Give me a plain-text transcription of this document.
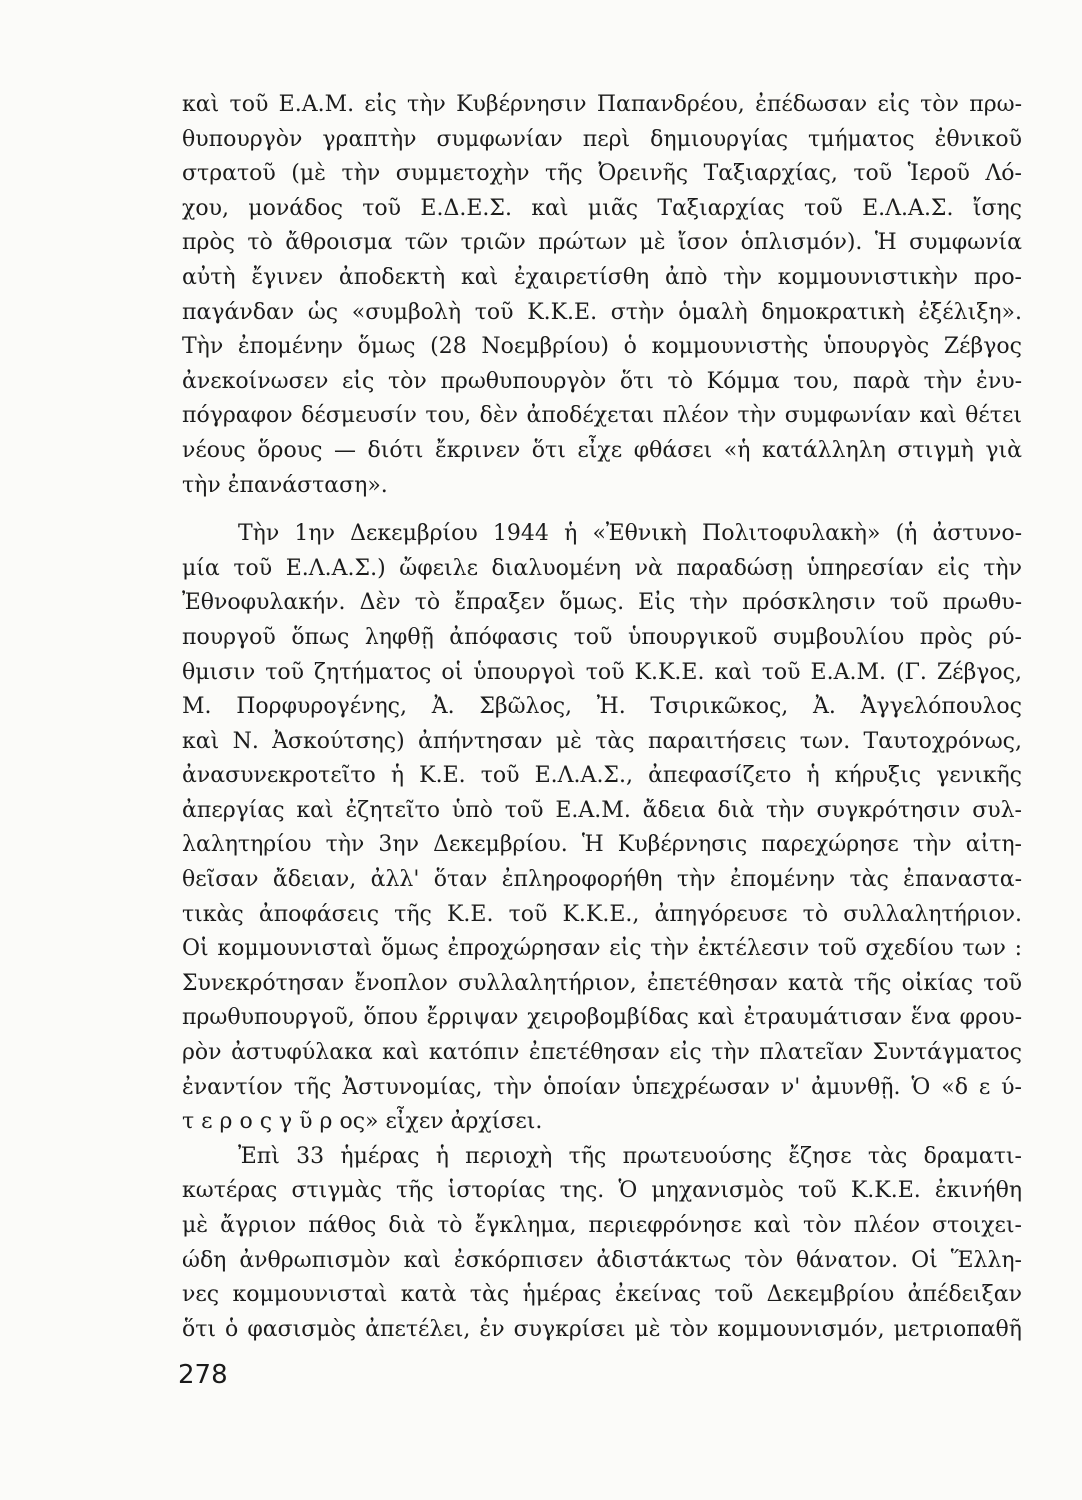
καὶ τοῦ Ε.Α.Μ. εἰς τὴν Κυβέρνησιν Παπανδρέου, ἐπέδωσαν εἰς τὸν πρω-
θυπουργὸν γραπτὴν συμφωνίαν περὶ δημιουργίας τμήματος ἐθνικοῦ
στρατοῦ (μὲ τὴν συμμετοχὴν τῆς Ὀρεινῆς Ταξιαρχίας, τοῦ Ἱεροῦ Λό-
χου, μονάδος τοῦ Ε.Δ.Ε.Σ. καὶ μιᾶς Ταξιαρχίας τοῦ Ε.Λ.Α.Σ. ἴσης
πρὸς τὸ ἄθροισμα τῶν τριῶν πρώτων μὲ ἴσον ὁπλισμόν). Ἡ συμφωνία
αὐτὴ ἔγινεν ἀποδεκτὴ καὶ ἐχαιρετίσθη ἀπὸ τὴν κομμουνιστικὴν προ-
παγάνδαν ὡς «συμβολὴ τοῦ Κ.Κ.Ε. στὴν ὁμαλὴ δημοκρατικὴ ἐξέλιξη».
Τὴν ἐπομένην ὅμως (28 Νοεμβρίου) ὁ κομμουνιστὴς ὑπουργὸς Ζέβγος
ἀνεκοίνωσεν εἰς τὸν πρωθυπουργὸν ὅτι τὸ Κόμμα του, παρὰ τὴν ἐνυ-
πόγραφον δέσμευσίν του, δὲν ἀποδέχεται πλέον τὴν συμφωνίαν καὶ θέτει
νέους ὅρους — διότι ἔκρινεν ὅτι εἶχε φθάσει «ἡ κατάλληλη στιγμὴ γιὰ
τὴν ἐπανάσταση».
Τὴν 1ην Δεκεμβρίου 1944 ἡ «Ἐθνικὴ Πολιτοφυλακὴ» (ἡ ἀστυνο-
μία τοῦ Ε.Λ.Α.Σ.) ὤφειλε διαλυομένη νὰ παραδώσῃ ὑπηρεσίαν εἰς τὴν
Ἐθνοφυλακήν. Δὲν τὸ ἔπραξεν ὅμως. Εἰς τὴν πρόσκλησιν τοῦ πρωθυ-
πουργοῦ ὅπως ληφθῇ ἀπόφασις τοῦ ὑπουργικοῦ συμβουλίου πρὸς ρύ-
θμισιν τοῦ ζητήματος οἱ ὑπουργοὶ τοῦ Κ.Κ.Ε. καὶ τοῦ Ε.Α.Μ. (Γ. Ζέβγος,
Μ. Πορφυρογένης, Ἀ. Σβῶλος, Ἠ. Τσιρικῶκος, Ἀ. Ἀγγελόπουλος
καὶ Ν. Ἀσκούτσης) ἀπήντησαν μὲ τὰς παραιτήσεις των. Ταυτοχρόνως,
ἀνασυνεκροτεῖτο ἡ Κ.Ε. τοῦ Ε.Λ.Α.Σ., ἀπεφασίζετο ἡ κήρυξις γενικῆς
ἀπεργίας καὶ ἐζητεῖτο ὑπὸ τοῦ Ε.Α.Μ. ἄδεια διὰ τὴν συγκρότησιν συλ-
λαλητηρίου τὴν 3ην Δεκεμβρίου. Ἡ Κυβέρνησις παρεχώρησε τὴν αἰτη-
θεῖσαν ἄδειαν, ἀλλ' ὅταν ἐπληροφορήθη τὴν ἐπομένην τὰς ἐπαναστα-
τικὰς ἀποφάσεις τῆς Κ.Ε. τοῦ Κ.Κ.Ε., ἀπηγόρευσε τὸ συλλαλητήριον.
Οἱ κομμουνισταὶ ὅμως ἐπροχώρησαν εἰς τὴν ἐκτέλεσιν τοῦ σχεδίου των :
Συνεκρότησαν ἔνοπλον συλλαλητήριον, ἐπετέθησαν κατὰ τῆς οἰκίας τοῦ
πρωθυπουργοῦ, ὅπου ἔρριψαν χειροβομβίδας καὶ ἐτραυμάτισαν ἕνα φρου-
ρὸν ἀστυφύλακα καὶ κατόπιν ἐπετέθησαν εἰς τὴν πλατεῖαν Συντάγματος
ἐναντίον τῆς Ἀστυνομίας, τὴν ὁποίαν ὑπεχρέωσαν ν' ἀμυνθῇ. Ὁ «δ ε ύ-
τ ε ρ ο ς γ ῦ ρ ος» εἶχεν ἀρχίσει.
Ἐπὶ 33 ἡμέρας ἡ περιοχὴ τῆς πρωτευούσης ἔζησε τὰς δραματι-
κωτέρας στιγμὰς τῆς ἱστορίας της. Ὁ μηχανισμὸς τοῦ Κ.Κ.Ε. ἐκινήθη
μὲ ἄγριον πάθος διὰ τὸ ἔγκλημα, περιεφρόνησε καὶ τὸν πλέον στοιχει-
ώδη ἀνθρωπισμὸν καὶ ἐσκόρπισεν ἀδιστάκτως τὸν θάνατον. Οἱ Ἕλλη-
νες κομμουνισταὶ κατὰ τὰς ἡμέρας ἐκείνας τοῦ Δεκεμβρίου ἀπέδειξαν
ὅτι ὁ φασισμὸς ἀπετέλει, ἐν συγκρίσει μὲ τὸν κομμουνισμόν, μετριοπαθῆ
278
